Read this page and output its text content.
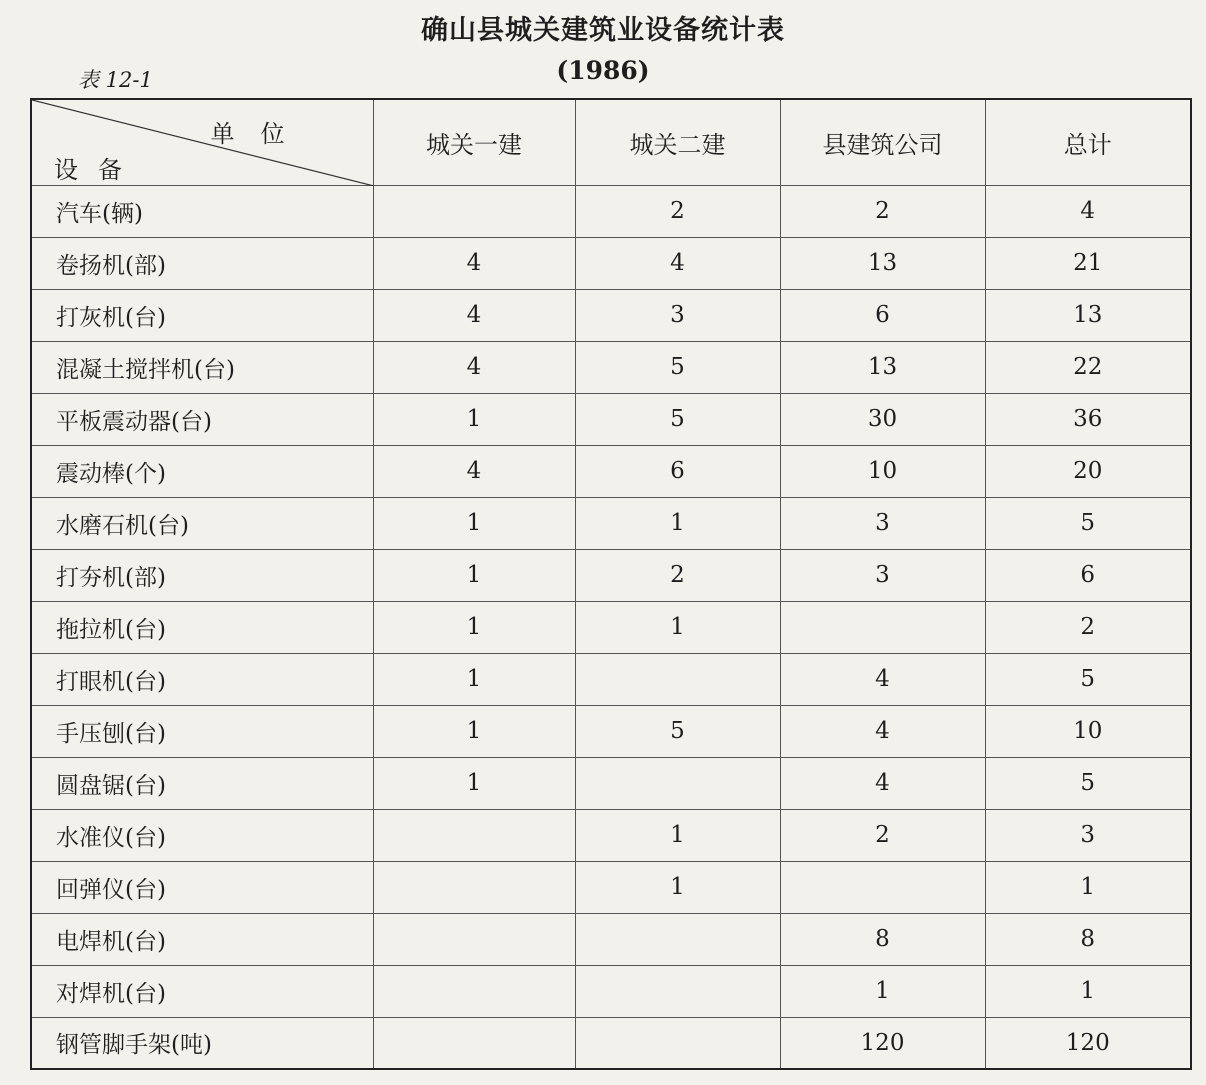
确山县城关建筑业设备统计表
表 12-1	(1986)
单位
设备	城关一建	城关二建	县建筑公司	总计
汽车(辆)		2	2	4
卷扬机(部)	4	4	13	21
打灰机(台)	4	3	6	13
混凝土搅拌机(台)	4	5	13	22
平板震动器(台)	1	5	30	36
震动棒(个)	4	6	10	20
水磨石机(台)	1	1	3	5
打夯机(部)	1	2	3	6
拖拉机(台)	1	1		2
打眼机(台)	1		4	5
手压刨(台)	1	5	4	10
圆盘锯(台)	1		4	5
水准仪(台)		1	2	3
回弹仪(台)		1		1
电焊机(台)			8	8
对焊机(台)			1	1
钢管脚手架(吨)			120	120
